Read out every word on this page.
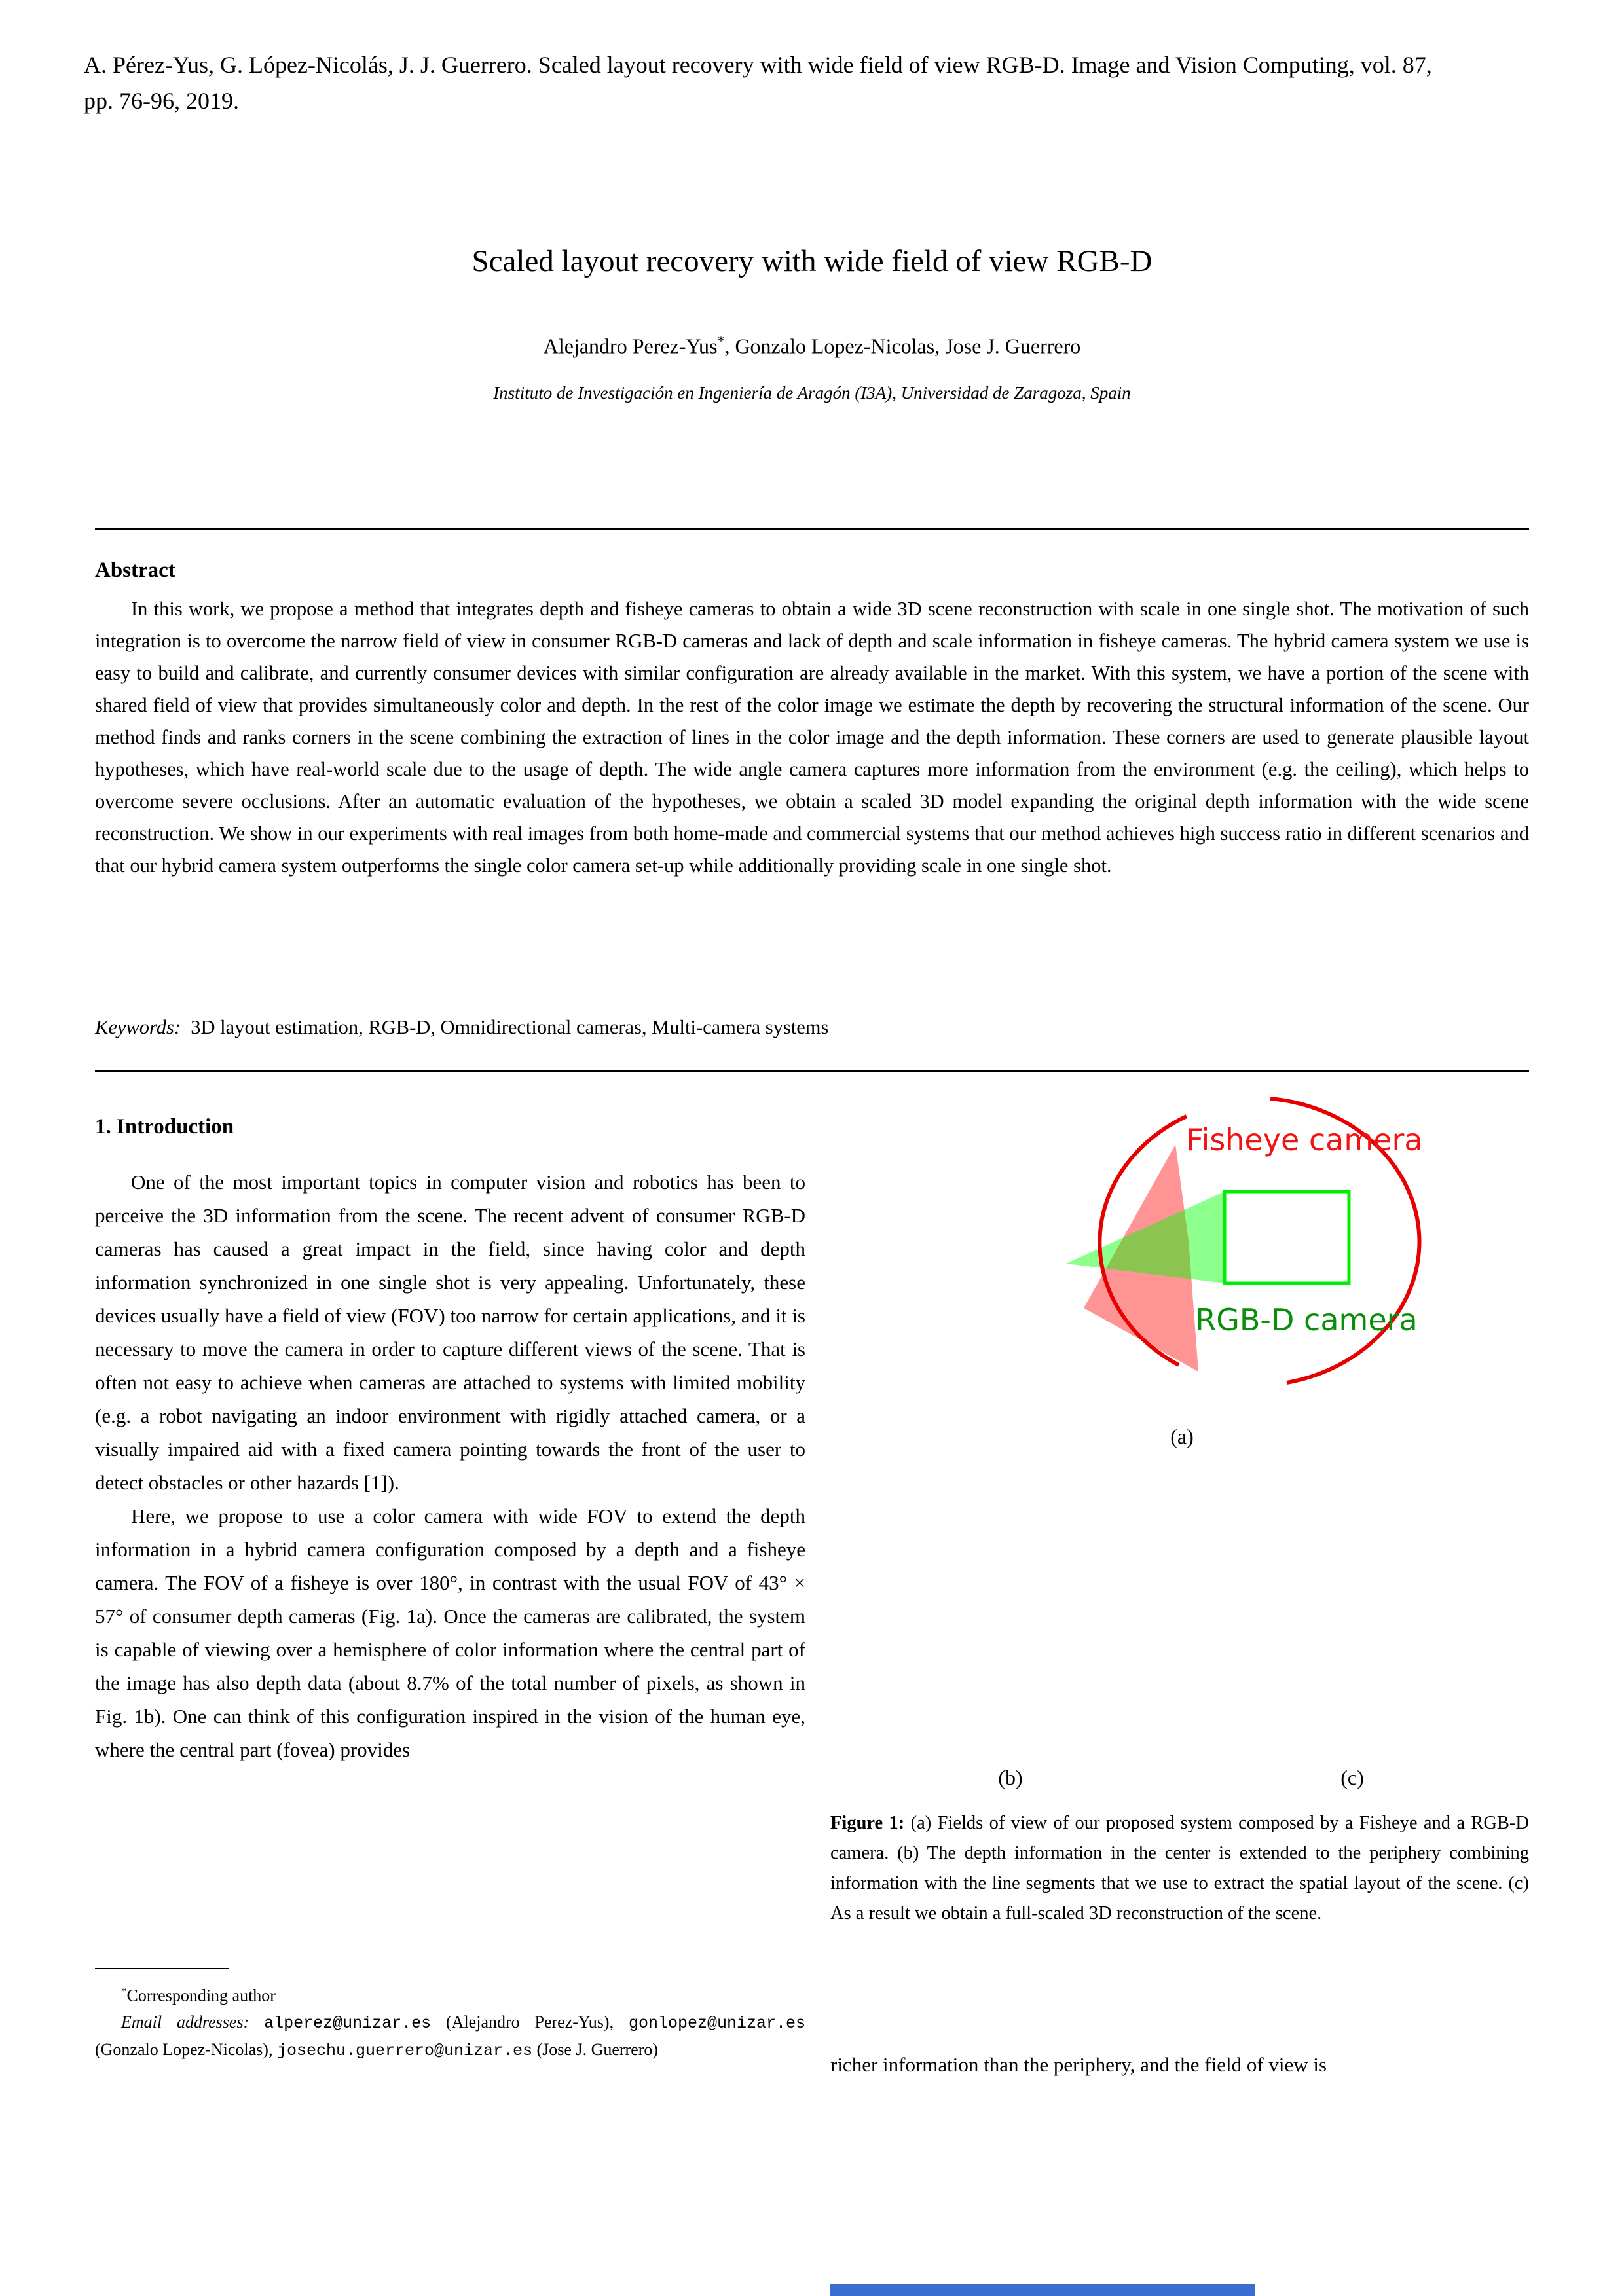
A. Pérez-Yus, G. López-Nicolás, J. J. Guerrero. Scaled layout recovery with wide field of view RGB-D. Image and Vision Computing, vol. 87, pp. 76-96, 2019.
Scaled layout recovery with wide field of view RGB-D
Alejandro Perez-Yus*, Gonzalo Lopez-Nicolas, Jose J. Guerrero
Instituto de Investigación en Ingeniería de Aragón (I3A), Universidad de Zaragoza, Spain
Abstract
In this work, we propose a method that integrates depth and fisheye cameras to obtain a wide 3D scene reconstruction with scale in one single shot. The motivation of such integration is to overcome the narrow field of view in consumer RGB-D cameras and lack of depth and scale information in fisheye cameras. The hybrid camera system we use is easy to build and calibrate, and currently consumer devices with similar configuration are already available in the market. With this system, we have a portion of the scene with shared field of view that provides simultaneously color and depth. In the rest of the color image we estimate the depth by recovering the structural information of the scene. Our method finds and ranks corners in the scene combining the extraction of lines in the color image and the depth information. These corners are used to generate plausible layout hypotheses, which have real-world scale due to the usage of depth. The wide angle camera captures more information from the environment (e.g. the ceiling), which helps to overcome severe occlusions. After an automatic evaluation of the hypotheses, we obtain a scaled 3D model expanding the original depth information with the wide scene reconstruction. We show in our experiments with real images from both home-made and commercial systems that our method achieves high success ratio in different scenarios and that our hybrid camera system outperforms the single color camera set-up while additionally providing scale in one single shot.
Keywords: 3D layout estimation, RGB-D, Omnidirectional cameras, Multi-camera systems
1. Introduction

One of the most important topics in computer vision and robotics has been to perceive the 3D information from the scene. The recent advent of consumer RGB-D cameras has caused a great impact in the field, since having color and depth information synchronized in one single shot is very appealing. Unfortunately, these devices usually have a field of view (FOV) too narrow for certain applications, and it is necessary to move the camera in order to capture different views of the scene. That is often not easy to achieve when cameras are attached to systems with limited mobility (e.g. a robot navigating an indoor environment with rigidly attached camera, or a visually impaired aid with a fixed camera pointing towards the front of the user to detect obstacles or other hazards [1]).

Here, we propose to use a color camera with wide FOV to extend the depth information in a hybrid camera configuration composed by a depth and a fisheye camera. The FOV of a fisheye is over 180°, in contrast with the usual FOV of 43° × 57° of consumer depth cameras (Fig. 1a). Once the cameras are calibrated, the system is capable of viewing over a hemisphere of color information where the central part of the image has also depth data (about 8.7% of the total number of pixels, as shown in Fig. 1b). One can think of this configuration inspired in the vision of the human eye, where the central part (fovea) provides

*Corresponding author
Email addresses: alperez@unizar.es (Alejandro Perez-Yus), gonlopez@unizar.es (Gonzalo Lopez-Nicolas), josechu.guerrero@unizar.es (Jose J. Guerrero)
Fisheye camera
RGB-D camera
(a)
(b)	(c)
Figure 1: (a) Fields of view of our proposed system composed by a Fisheye and a RGB-D camera. (b) The depth information in the center is extended to the periphery combining information with the line segments that we use to extract the spatial layout of the scene. (c) As a result we obtain a full-scaled 3D reconstruction of the scene.
richer information than the periphery, and the field of view is
